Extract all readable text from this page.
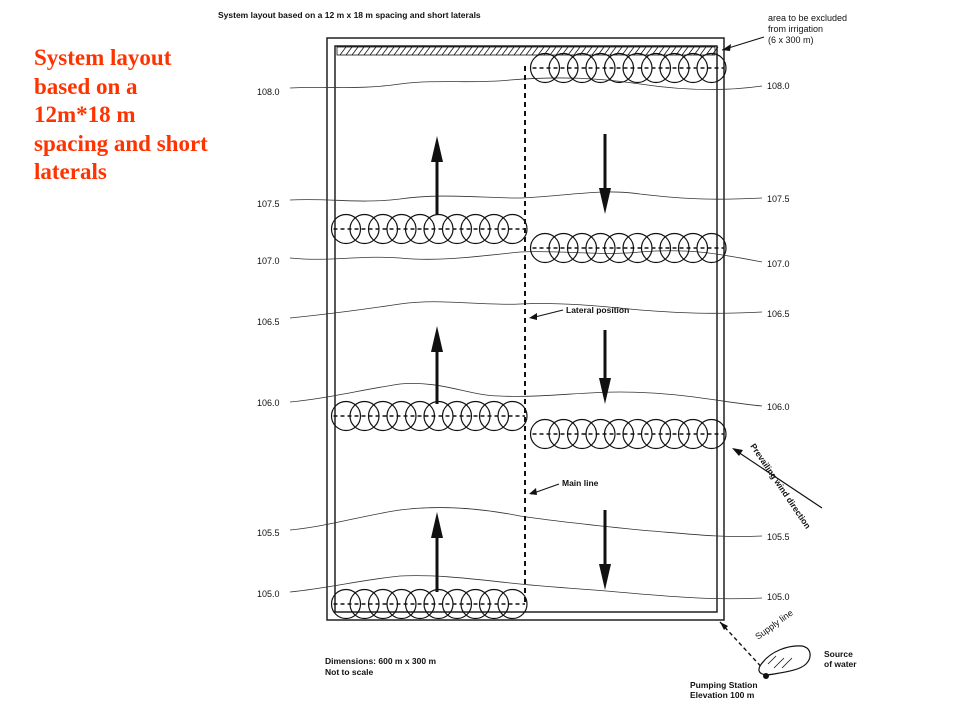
System layout
based on a
12m*18 m
spacing and short
laterals
System layout based on a 12 m x 18 m spacing and short laterals	area to be excluded
from irrigation
(6 x 300 m)
108.0
107.5
107.0
106.5
106.0
105.5
105.0
108.0
107.5
107.0
106.5
106.0
105.5
105.0
Lateral position
Main line	Prevailing wind direction
Supply line
Source
of water
Pumping Station
Elevation 100 m
Dimensions: 600 m x 300 m
Not to scale
